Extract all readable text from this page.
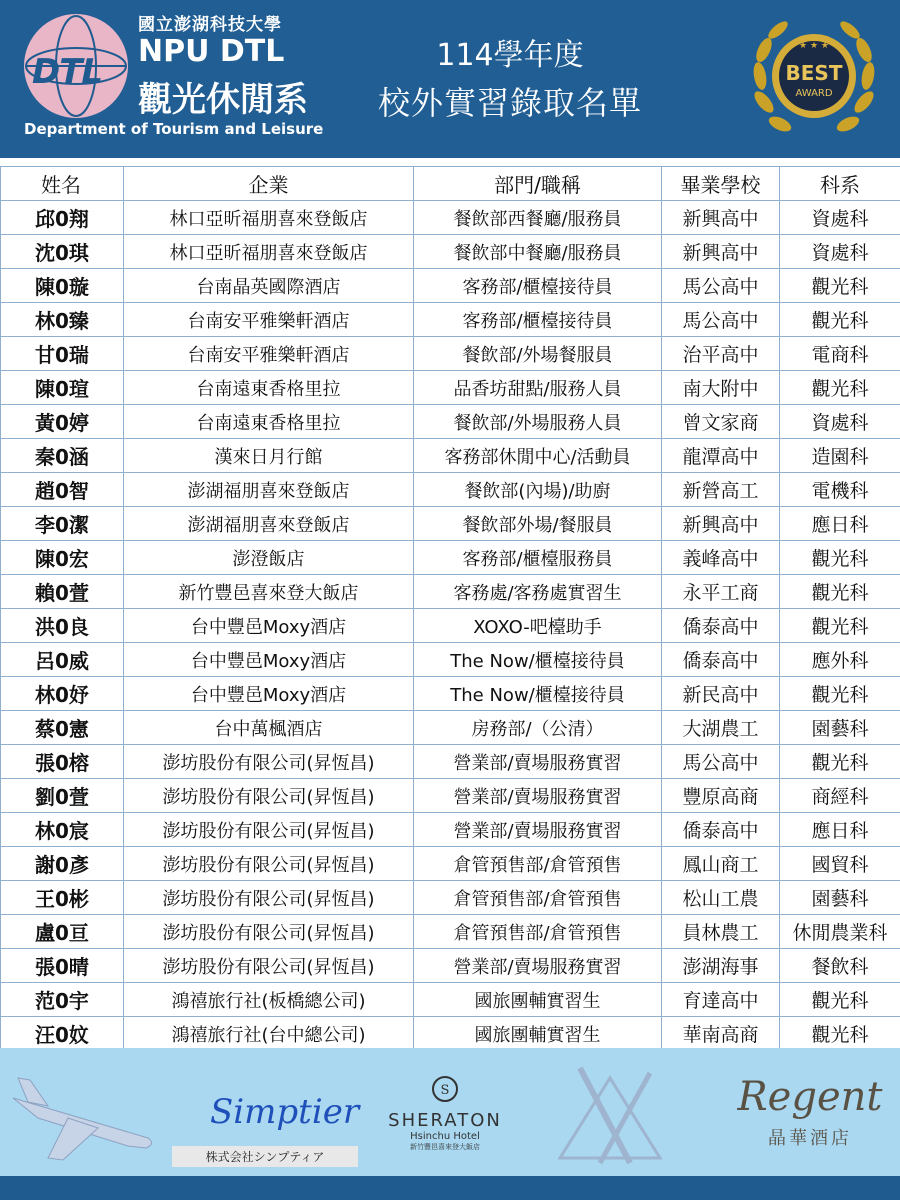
DTL
國立澎湖科技大學
NPU DTL
觀光休閒系
Department of Tourism and Leisure
114學年度
校外實習錄取名單
★ ★ ★
BEST
AWARD
姓名	企業	部門/職稱	畢業學校	科系
邱0翔	林口亞昕福朋喜來登飯店	餐飲部西餐廳/服務員	新興高中	資處科
沈0琪	林口亞昕福朋喜來登飯店	餐飲部中餐廳/服務員	新興高中	資處科
陳0璇	台南晶英國際酒店	客務部/櫃檯接待員	馬公高中	觀光科
林0臻	台南安平雅樂軒酒店	客務部/櫃檯接待員	馬公高中	觀光科
甘0瑞	台南安平雅樂軒酒店	餐飲部/外場餐服員	治平高中	電商科
陳0瑄	台南遠東香格里拉	品香坊甜點/服務人員	南大附中	觀光科
黃0婷	台南遠東香格里拉	餐飲部/外場服務人員	曾文家商	資處科
秦0涵	漢來日月行館	客務部休閒中心/活動員	龍潭高中	造園科
趙0智	澎湖福朋喜來登飯店	餐飲部(內場)/助廚	新營高工	電機科
李0潔	澎湖福朋喜來登飯店	餐飲部外場/餐服員	新興高中	應日科
陳0宏	澎澄飯店	客務部/櫃檯服務員	義峰高中	觀光科
賴0萱	新竹豐邑喜來登大飯店	客務處/客務處實習生	永平工商	觀光科
洪0良	台中豐邑Moxy酒店	XOXO-吧檯助手	僑泰高中	觀光科
呂0威	台中豐邑Moxy酒店	The Now/櫃檯接待員	僑泰高中	應外科
林0妤	台中豐邑Moxy酒店	The Now/櫃檯接待員	新民高中	觀光科
蔡0憲	台中萬楓酒店	房務部/（公清）	大湖農工	園藝科
張0榕	澎坊股份有限公司(昇恆昌)	營業部/賣場服務實習	馬公高中	觀光科
劉0萱	澎坊股份有限公司(昇恆昌)	營業部/賣場服務實習	豐原高商	商經科
林0宸	澎坊股份有限公司(昇恆昌)	營業部/賣場服務實習	僑泰高中	應日科
謝0彥	澎坊股份有限公司(昇恆昌)	倉管預售部/倉管預售	鳳山商工	國貿科
王0彬	澎坊股份有限公司(昇恆昌)	倉管預售部/倉管預售	松山工農	園藝科
盧0亘	澎坊股份有限公司(昇恆昌)	倉管預售部/倉管預售	員林農工	休閒農業科
張0晴	澎坊股份有限公司(昇恆昌)	營業部/賣場服務實習	澎湖海事	餐飲科
范0宇	鴻禧旅行社(板橋總公司)	國旅團輔實習生	育達高中	觀光科
汪0妏	鴻禧旅行社(台中總公司)	國旅團輔實習生	華南高商	觀光科
Simptier
株式会社シンプティア
S
SHERATON
Hsinchu Hotel
新竹豐邑喜來登大飯店
Regent
晶華酒店
